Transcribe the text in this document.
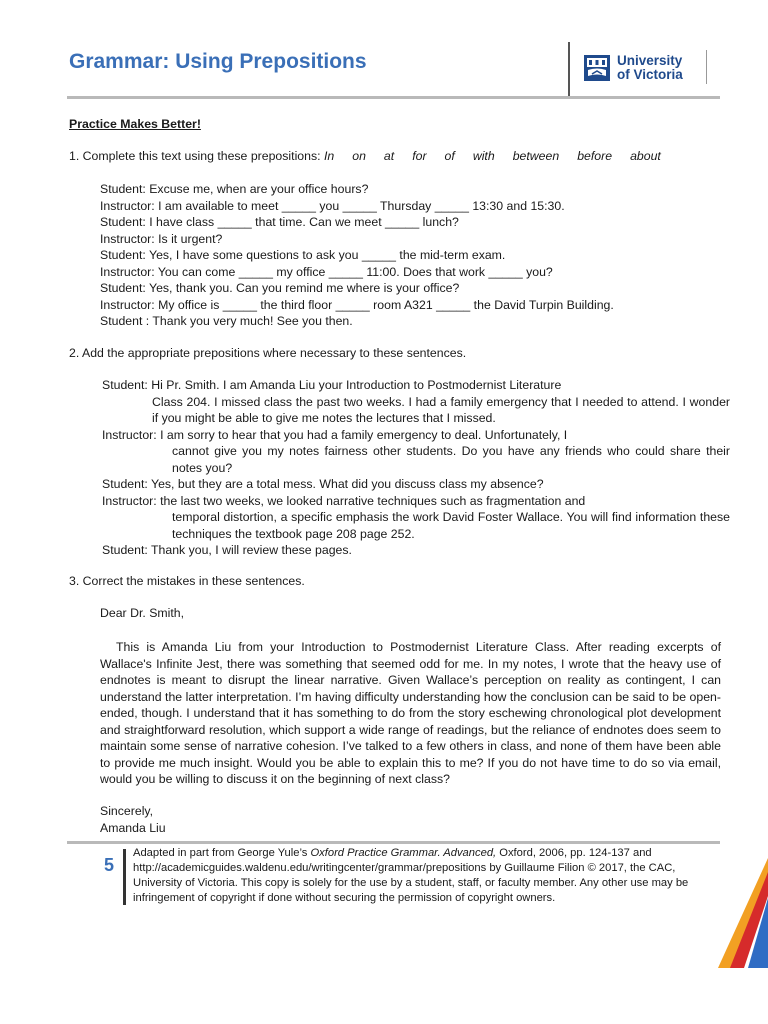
Grammar: Using Prepositions	University
of Victoria
Practice Makes Better!
1. Complete this text using these prepositions: In on at for of with between before about
Student: Excuse me, when are your office hours?
Instructor: I am available to meet _____ you _____ Thursday _____ 13:30 and 15:30.
Student: I have class _____ that time. Can we meet _____ lunch?
Instructor: Is it urgent?
Student: Yes, I have some questions to ask you _____ the mid-term exam.
Instructor: You can come _____ my office _____ 11:00. Does that work _____ you?
Student: Yes, thank you. Can you remind me where is your office?
Instructor: My office is _____ the third floor _____ room A321 _____ the David Turpin Building.
Student : Thank you very much! See you then.
2. Add the appropriate prepositions where necessary to these sentences.
Student: Hi Pr. Smith. I am Amanda Liu your Introduction to Postmodernist Literature
Class 204. I missed class the past two weeks. I had a family emergency that I needed to attend. I wonder if you might be able to give me notes the lectures that I missed.
Instructor: I am sorry to hear that you had a family emergency to deal. Unfortunately, I
cannot give you my notes fairness other students. Do you have any friends who could share their notes you?
Student: Yes, but they are a total mess. What did you discuss class my absence?
Instructor: the last two weeks, we looked narrative techniques such as fragmentation and
temporal distortion, a specific emphasis the work David Foster Wallace. You will find information these techniques the textbook page 208 page 252.
Student: Thank you, I will review these pages.
3. Correct the mistakes in these sentences.
Dear Dr. Smith,
This is Amanda Liu from your Introduction to Postmodernist Literature Class. After reading excerpts of Wallace's Infinite Jest, there was something that seemed odd for me. In my notes, I wrote that the heavy use of endnotes is meant to disrupt the linear narrative. Given Wallace’s perception on reality as contingent, I can understand the latter interpretation. I’m having difficulty understanding how the conclusion can be said to be open-ended, though. I understand that it has something to do from the story eschewing chronological plot development and straightforward resolution, which support a wide range of readings, but the reliance of endnotes does seem to maintain some sense of narrative cohesion. I’ve talked to a few others in class, and none of them have been able to provide me much insight. Would you be able to explain this to me? If you do not have time to do so via email, would you be willing to discuss it on the beginning of next class?
Sincerely,
Amanda Liu
5
Adapted in part from George Yule’s Oxford Practice Grammar. Advanced, Oxford, 2006, pp. 124-137 and http://academicguides.waldenu.edu/writingcenter/grammar/prepositions by Guillaume Filion © 2017, the CAC, University of Victoria. This copy is solely for the use by a student, staff, or faculty member. Any other use may be infringement of copyright if done without securing the permission of copyright owners.
